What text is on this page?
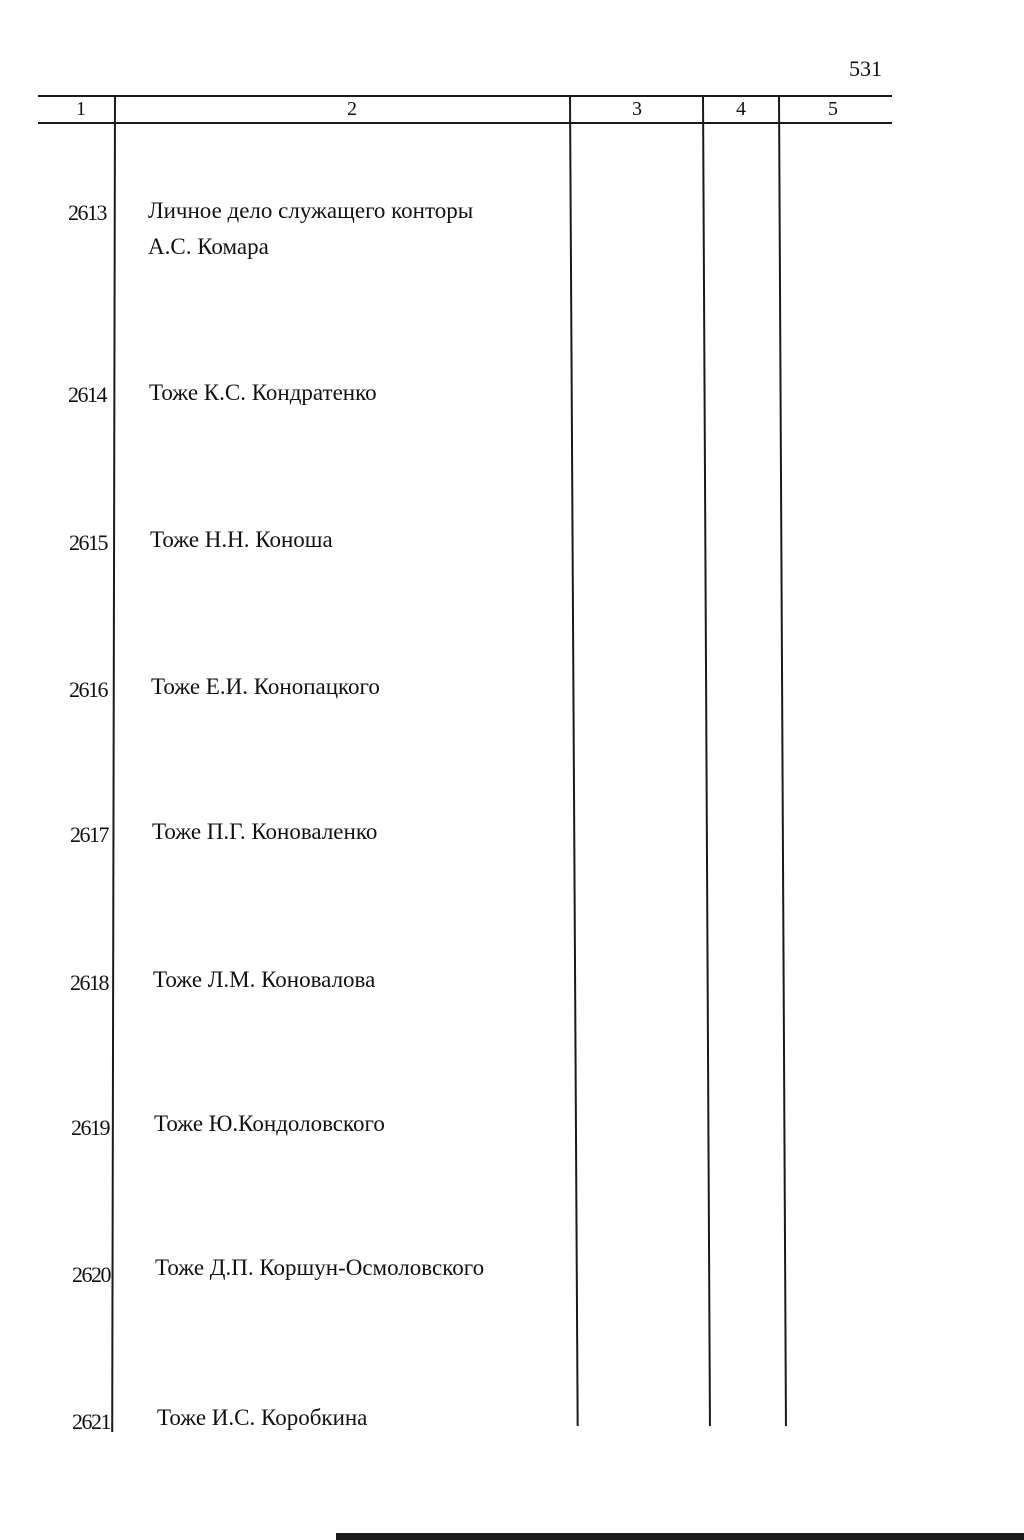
531
1	2	3	4	5
2613 Личное дело служащего конторы
А.С. Комара
2614 Тоже К.С. Кондратенко
2615 Тоже Н.Н. Коноша
2616 Тоже Е.И. Конопацкого
2617 Тоже П.Г. Коноваленко
2618 Тоже Л.М. Коновалова
2619 Тоже Ю.Кондоловского
2620 Тоже Д.П. Коршун-Осмоловского
2621 Тоже И.С. Коробкина
